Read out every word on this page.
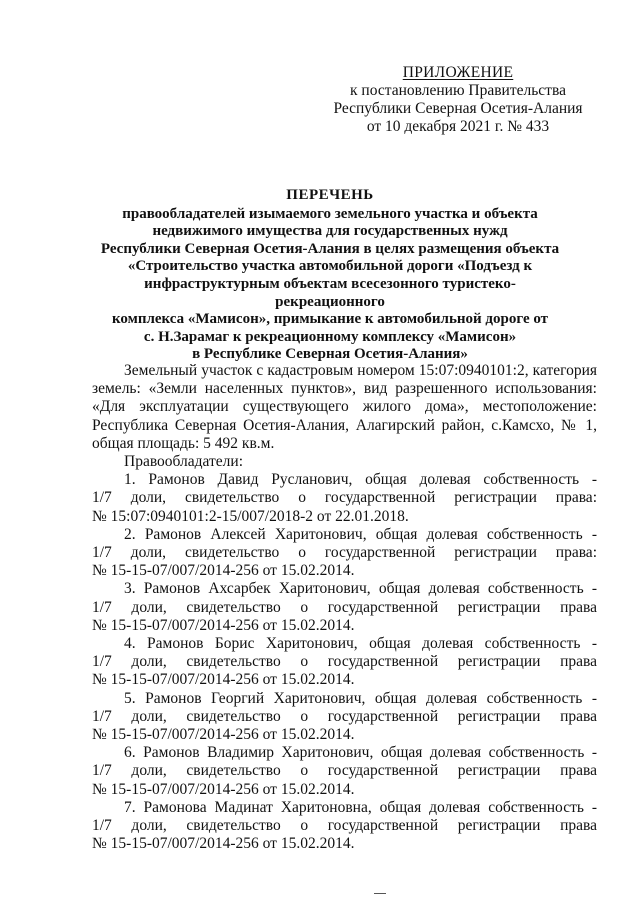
ПРИЛОЖЕНИЕ
к постановлению Правительства
Республики Северная Осетия-Алания
от 10 декабря 2021 г. № 433
ПЕРЕЧЕНЬ
правообладателей изымаемого земельного участка и объекта
недвижимого имущества для государственных нужд
Республики Северная Осетия-Алания в целях размещения объекта
«Строительство участка автомобильной дороги «Подъезд к
инфраструктурным объектам всесезонного туристеко-рекреационного
комплекса «Мамисон», примыкание к автомобильной дороге от
с. Н.Зарамаг к рекреационному комплексу «Мамисон»
в Республике Северная Осетия-Алания»

Земельный участок с кадастровым номером 15:07:0940101:2, категория земель: «Земли населенных пунктов», вид разрешенного использования: «Для эксплуатации существующего жилого дома», местоположение: Республика Северная Осетия-Алания, Алагирский район, с.Камсхо, № 1, общая площадь: 5 492 кв.м.

Правообладатели:

1. Рамонов Давид Русланович, общая долевая собственность -
1/7 доли, свидетельство о государственной регистрации права:
№ 15:07:0940101:2-15/007/2018-2 от 22.01.2018.
2. Рамонов Алексей Харитонович, общая долевая собственность -
1/7 доли, свидетельство о государственной регистрации права:
№ 15-15-07/007/2014-256 от 15.02.2014.
3. Рамонов Ахсарбек Харитонович, общая долевая собственность -
1/7 доли, свидетельство о государственной регистрации права
№ 15-15-07/007/2014-256 от 15.02.2014.
4. Рамонов Борис Харитонович, общая долевая собственность -
1/7 доли, свидетельство о государственной регистрации права
№ 15-15-07/007/2014-256 от 15.02.2014.
5. Рамонов Георгий Харитонович, общая долевая собственность -
1/7 доли, свидетельство о государственной регистрации права
№ 15-15-07/007/2014-256 от 15.02.2014.
6. Рамонов Владимир Харитонович, общая долевая собственность -
1/7 доли, свидетельство о государственной регистрации права
№ 15-15-07/007/2014-256 от 15.02.2014.
7. Рамонова Мадинат Харитоновна, общая долевая собственность -
1/7 доли, свидетельство о государственной регистрации права
№ 15-15-07/007/2014-256 от 15.02.2014.
